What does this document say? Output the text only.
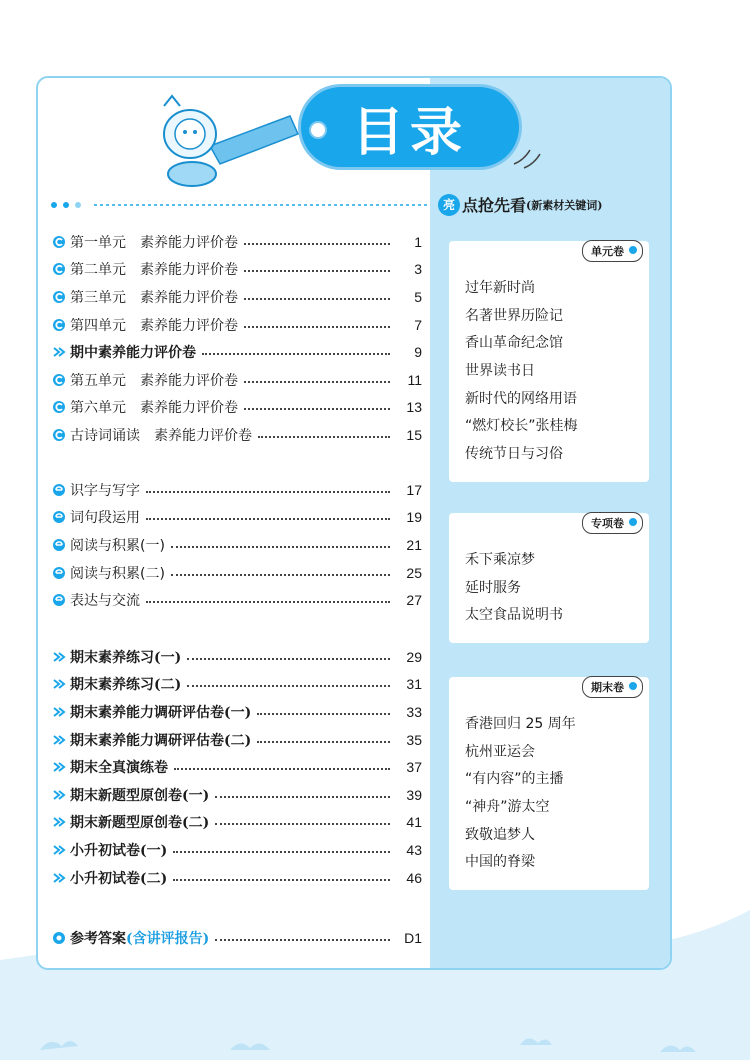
目录
第一单元　素养能力评价卷	1
第二单元　素养能力评价卷	3
第三单元　素养能力评价卷	5
第四单元　素养能力评价卷	7
期中素养能力评价卷	9
第五单元　素养能力评价卷	11
第六单元　素养能力评价卷	13
古诗词诵读　素养能力评价卷	15
识字与写字	17
词句段运用	19
阅读与积累(一)	21
阅读与积累(二)	25
表达与交流	27
期末素养练习(一)	29
期末素养练习(二)	31
期末素养能力调研评估卷(一)	33
期末素养能力调研评估卷(二)	35
期末全真演练卷	37
期末新题型原创卷(一)	39
期末新题型原创卷(二)	41
小升初试卷(一)	43
小升初试卷(二)	46
参考答案 (含讲评报告)	D1
亮 点抢先看 (新素材关键词)
单元卷
过年新时尚
名著世界历险记
香山革命纪念馆
世界读书日
新时代的网络用语
“燃灯校长”张桂梅
传统节日与习俗
专项卷
禾下乘凉梦
延时服务
太空食品说明书
期末卷
香港回归 25 周年
杭州亚运会
“有内容”的主播
“神舟”游太空
致敬追梦人
中国的脊梁
